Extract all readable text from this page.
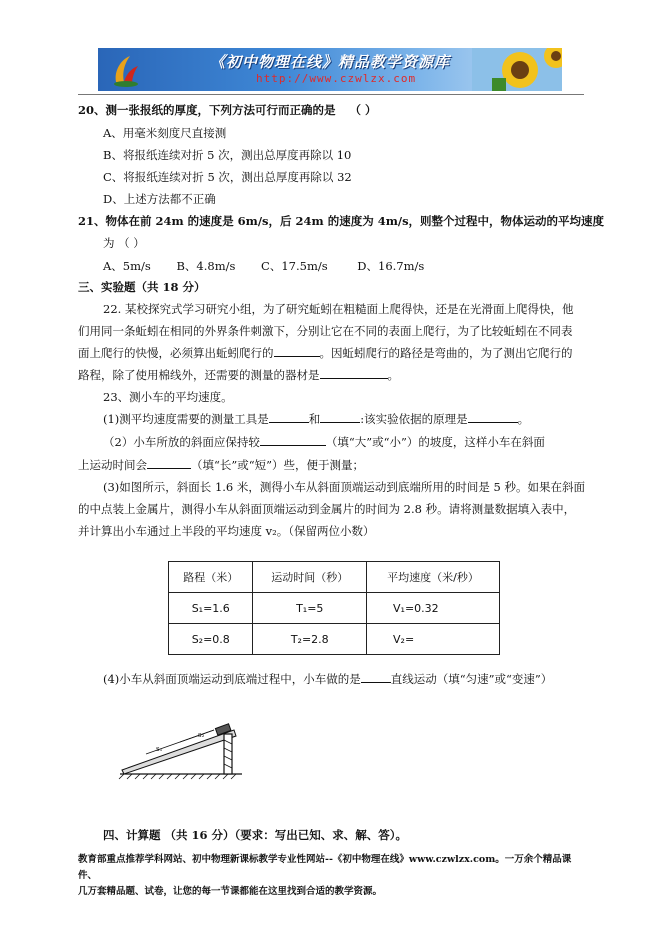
《初中物理在线》精品教学资源库
http://www.czwlzx.com
20、测一张报纸的厚度，下列方法可行而正确的是 （ ）
A、用毫米刻度尺直接测
B、将报纸连续对折 5 次，测出总厚度再除以 10
C、将报纸连续对折 5 次，测出总厚度再除以 32
D、上述方法都不正确
21、物体在前 24m 的速度是 6m/s，后 24m 的速度为 4m/s，则整个过程中，物体运动的平均速度
为 （ ）
A、5m/s B、4.8m/s C、17.5m/s	D、16.7m/s
三、实验题（共 18 分）
22. 某校探究式学习研究小组，为了研究蚯蚓在粗糙面上爬得快，还是在光滑面上爬得快，他
们用同一条蚯蚓在相同的外界条件刺激下，分别让它在不同的表面上爬行，为了比较蚯蚓在不同表
面上爬行的快慢，必须算出蚯蚓爬行的	。因蚯蚓爬行的路径是弯曲的，为了测出它爬行的
路程，除了使用棉线外，还需要的测量的器材是	。
23、测小车的平均速度。
(1)测平均速度需要的测量工具是	和	:该实验依据的原理是	。
（2）小车所放的斜面应保持较	（填“大”或“小”）的坡度，这样小车在斜面
上运动时间会	（填“长”或“短”）些，便于测量；
(3)如图所示，斜面长 1.6 米，测得小车从斜面顶端运动到底端所用的时间是 5 秒。如果在斜面
的中点装上金属片，测得小车从斜面顶端运动到金属片的时间为 2.8 秒。请将测量数据填入表中，
并计算出小车通过上半段的平均速度 v₂。（保留两位小数）
路程（米）	运动时间（秒）	平均速度（米/秒）
S₁=1.6	T₁=5	V₁=0.32
S₂=0.8	T₂=2.8	V₂=
(4)小车从斜面顶端运动到底端过程中，小车做的是	直线运动（填“匀速”或“变速”）
s₁
s₂
四、计算题 （共 16 分）（要求：写出已知、求、解、答）。
教育部重点推荐学科网站、初中物理新课标教学专业性网站--《初中物理在线》www.czwlzx.com。一万余个精品课件、
几万套精品题、试卷，让您的每一节课都能在这里找到合适的教学资源。
